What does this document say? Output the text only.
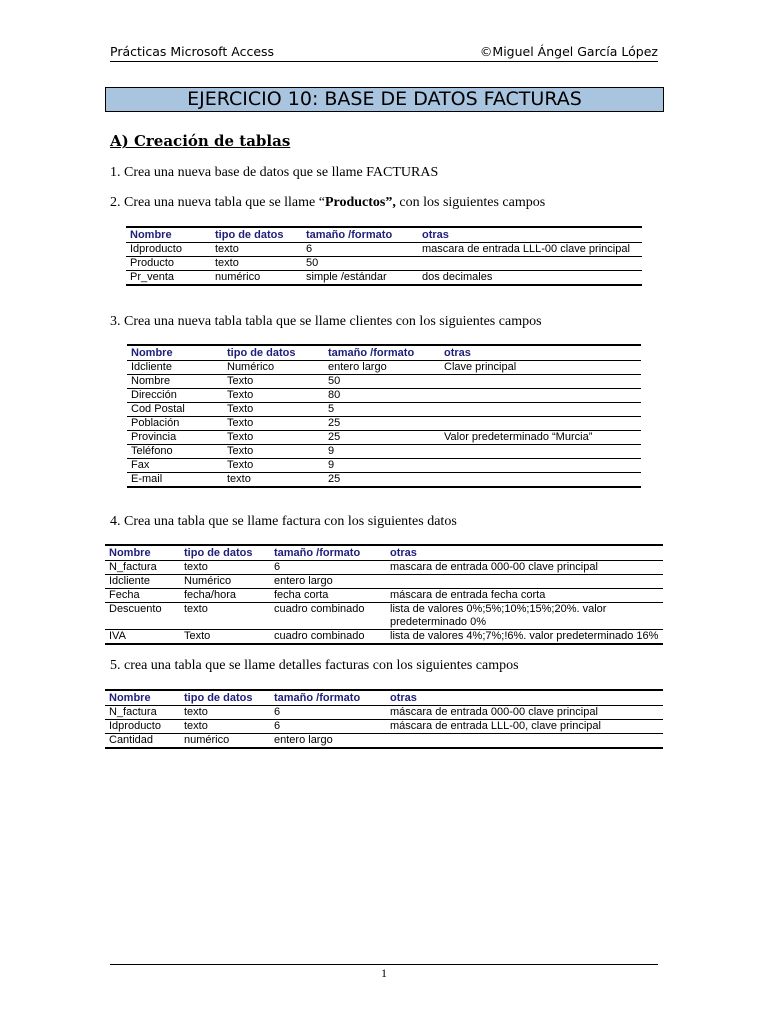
Prácticas Microsoft Access	©Miguel Ángel García López
EJERCICIO 10: BASE DE DATOS FACTURAS
A) Creación de tablas
1. Crea una nueva base de datos que se llame FACTURAS
2. Crea una nueva tabla que se llame “Productos”, con los siguientes campos
Nombre	tipo de datos	tamaño /formato	otras
Idproducto	texto	6	mascara de entrada LLL-00 clave principal
Producto	texto	50	
Pr_venta	numérico	simple /estándar	dos decimales
3. Crea una nueva tabla tabla que se llame clientes con los siguientes campos
Nombre	tipo de datos	tamaño /formato	otras
Idcliente	Numérico	entero largo	Clave principal
Nombre	Texto	50	
Dirección	Texto	80	
Cod Postal	Texto	5	
Población	Texto	25	
Provincia	Texto	25	Valor predeterminado “Murcia”
Teléfono	Texto	9	
Fax	Texto	9	
E-mail	texto	25	
4. Crea una tabla que se llame factura con los siguientes datos
Nombre	tipo de datos	tamaño /formato	otras
N_factura	texto	6	mascara de entrada 000-00 clave principal
Idcliente	Numérico	entero largo	
Fecha	fecha/hora	fecha corta	máscara de entrada fecha corta
Descuento	texto	cuadro combinado	lista de valores 0%;5%;10%;15%;20%. valor predeterminado 0%
IVA	Texto	cuadro combinado	lista de valores 4%;7%;!6%. valor predeterminado 16%
5. crea una tabla que se llame detalles facturas con los siguientes campos
Nombre	tipo de datos	tamaño /formato	otras
N_factura	texto	6	máscara de entrada 000-00 clave principal
Idproducto	texto	6	máscara de entrada LLL-00, clave principal
Cantidad	numérico	entero largo	
1
